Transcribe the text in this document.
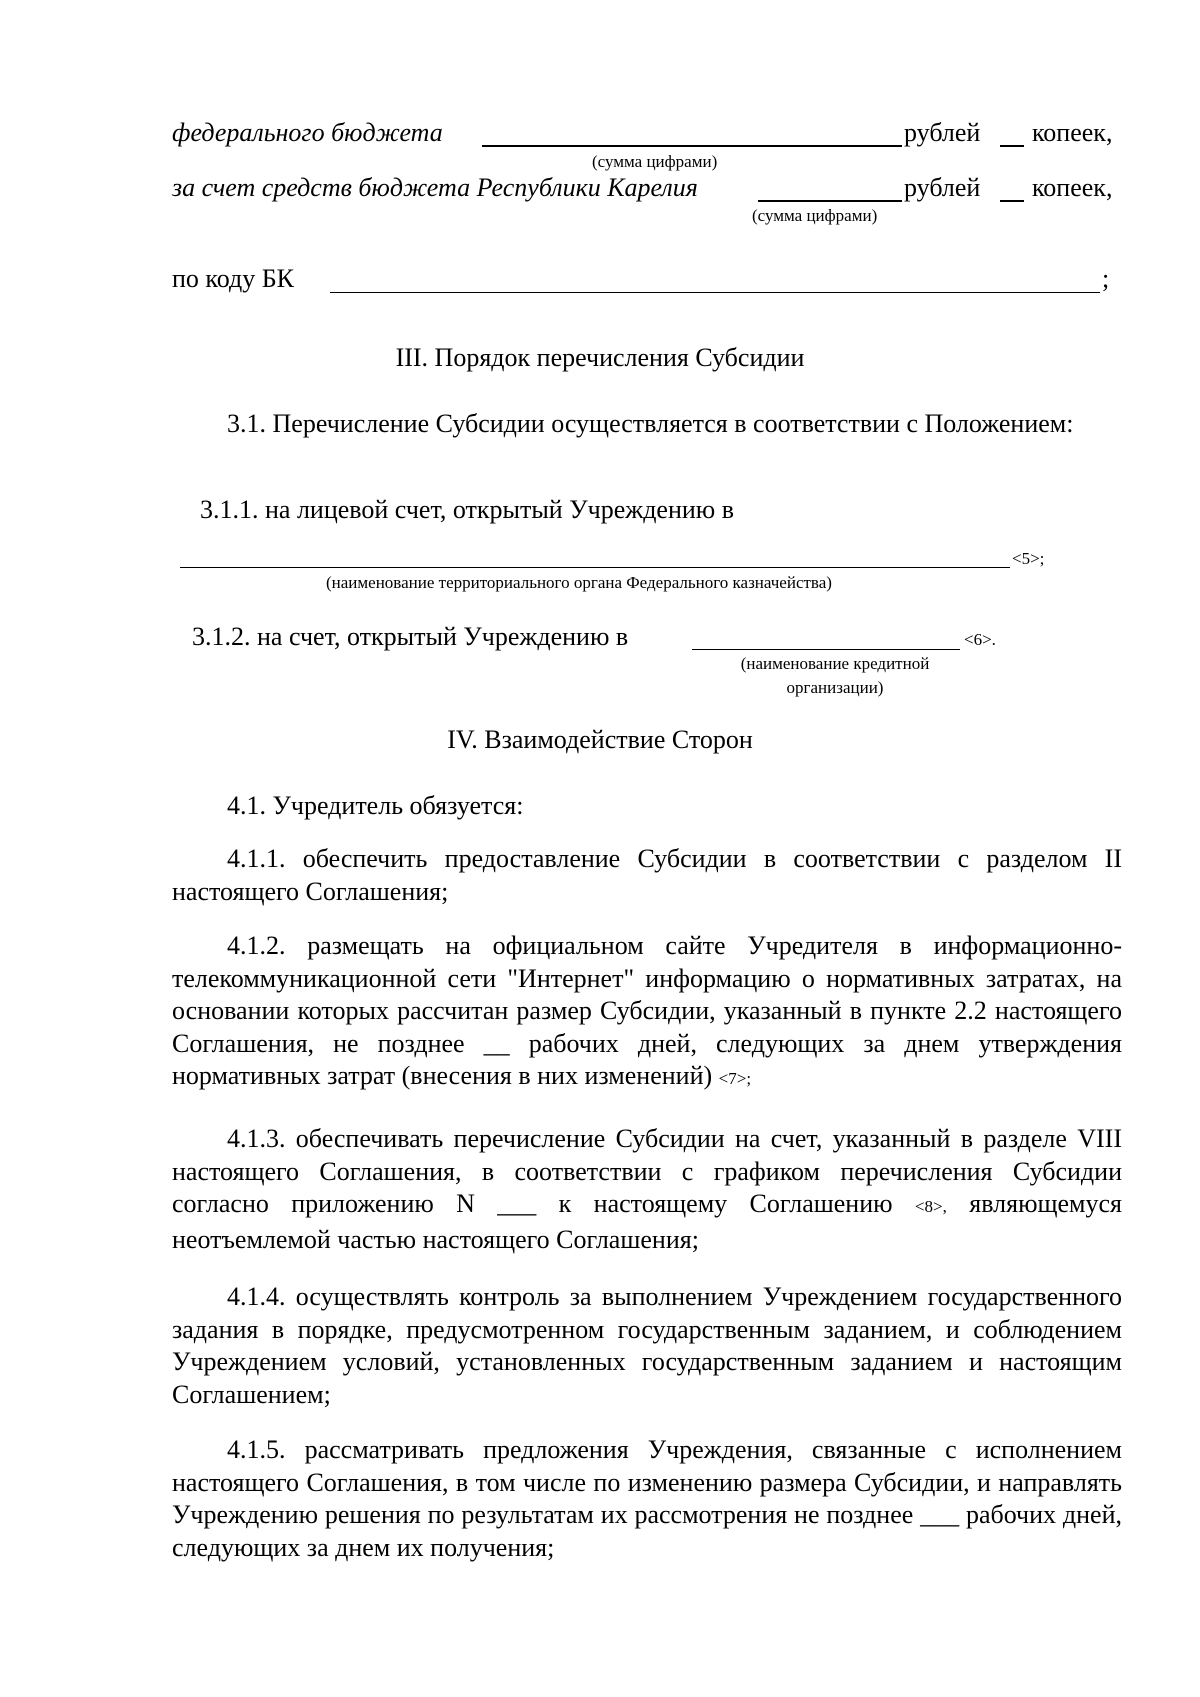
федерального бюджета	рублей копеек,
(сумма цифрами)
за счет средств бюджета Республики Карелия	рублей копеек,
(сумма цифрами)
по коду БК	;
III. Порядок перечисления Субсидии
3.1. Перечисление Субсидии осуществляется в соответствии с Положением:
3.1.1. на лицевой счет, открытый Учреждению в
<5>;
(наименование территориального органа Федерального казначейства)
3.1.2. на счет, открытый Учреждению в	<6>.
(наименование кредитной
организации)
IV. Взаимодействие Сторон
4.1. Учредитель обязуется:
4.1.1. обеспечить предоставление Субсидии в соответствии с разделом II настоящего Соглашения;
4.1.2. размещать на официальном сайте Учредителя в информационно-телекоммуникационной сети "Интернет" информацию о нормативных затратах, на основании которых рассчитан размер Субсидии, указанный в пункте 2.2 настоящего Соглашения, не позднее __ рабочих дней, следующих за днем утверждения нормативных затрат (внесения в них изменений) <7>;
4.1.3. обеспечивать перечисление Субсидии на счет, указанный в разделе VIII настоящего Соглашения, в соответствии с графиком перечисления Субсидии согласно приложению N ___ к настоящему Соглашению <8>, являющемуся неотъемлемой частью настоящего Соглашения;
4.1.4. осуществлять контроль за выполнением Учреждением государственного задания в порядке, предусмотренном государственным заданием, и соблюдением Учреждением условий, установленных государственным заданием и настоящим Соглашением;
4.1.5. рассматривать предложения Учреждения, связанные с исполнением настоящего Соглашения, в том числе по изменению размера Субсидии, и направлять Учреждению решения по результатам их рассмотрения не позднее ___ рабочих дней, следующих за днем их получения;
